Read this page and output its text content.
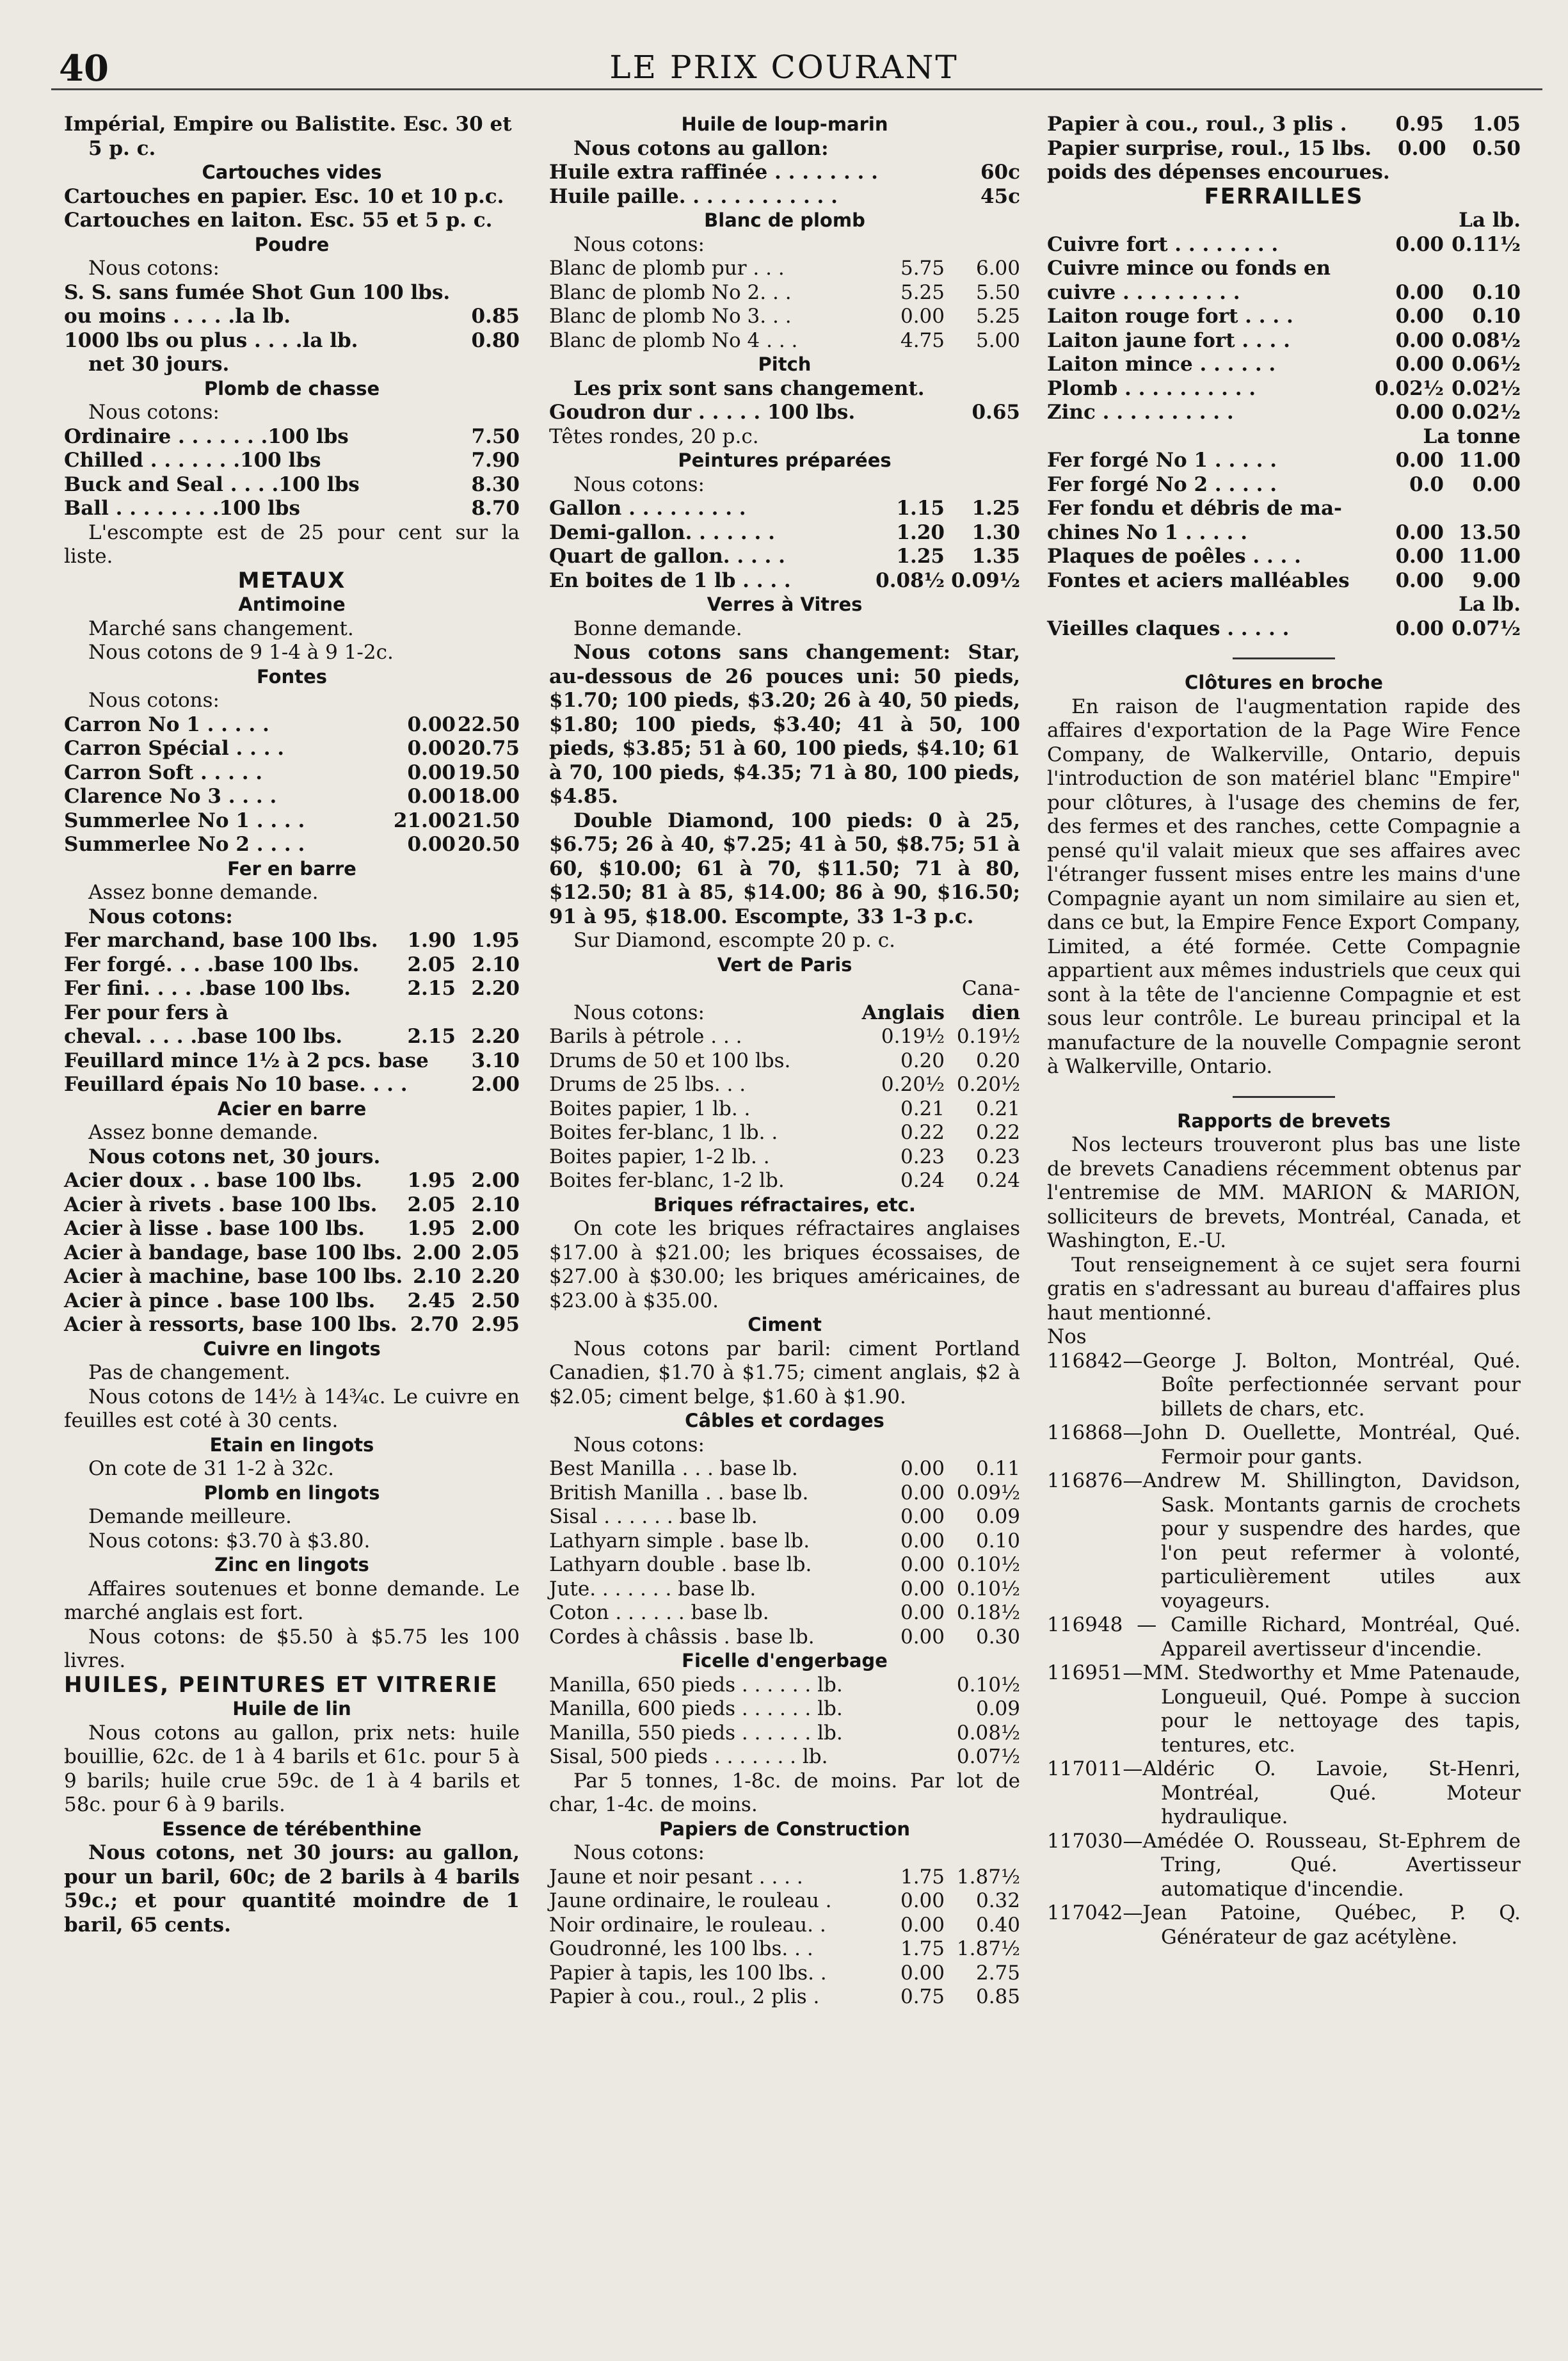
40	LE PRIX COURANT

Impérial, Empire ou Balistite. Esc. 30 et 5 p. c.

Cartouches vides

Cartouches en papier. Esc. 10 et 10 p.c.

Cartouches en laiton. Esc. 55 et 5 p. c.

Poudre

Nous cotons:

S. S. sans fumée Shot Gun 100 lbs.

ou moins . . . . .la lb.	0.85
1000 lbs ou plus . . . .la lb.	0.80

net 30 jours.

Plomb de chasse

Nous cotons:

Ordinaire . . . . . . .100 lbs	7.50
Chilled . . . . . . .100 lbs	7.90
Buck and Seal . . . .100 lbs	8.30
Ball . . . . . . . .100 lbs	8.70

L'escompte est de 25 pour cent sur la liste.

METAUX

Antimoine

Marché sans changement.

Nous cotons de 9 1-4 à 9 1-2c.

Fontes

Nous cotons:

Carron No 1 . . . . .	0.00 22.50
Carron Spécial . . . .	0.00 20.75
Carron Soft . . . . .	0.00 19.50
Clarence No 3 . . . .	0.00 18.00
Summerlee No 1 . . . .	21.00 21.50
Summerlee No 2 . . . .	0.00 20.50

Fer en barre

Assez bonne demande.

Nous cotons:

Fer marchand, base 100 lbs.	1.90 1.95
Fer forgé. . . .base 100 lbs.	2.05 2.10
Fer fini. . . . .base 100 lbs.	2.15 2.20

Fer pour fers à

cheval. . . . .base 100 lbs.	2.15 2.20
Feuillard mince 1½ à 2 pcs. base 3.10
Feuillard épais No 10 base. . . .	2.00

Acier en barre

Assez bonne demande.

Nous cotons net, 30 jours.

Acier doux . . base 100 lbs.	1.95 2.00
Acier à rivets . base 100 lbs.	2.05 2.10
Acier à lisse . base 100 lbs.	1.95 2.00
Acier à bandage, base 100 lbs. 2.00 2.05
Acier à machine, base 100 lbs. 2.10 2.20
Acier à pince . base 100 lbs.	2.45 2.50
Acier à ressorts, base 100 lbs. 2.70 2.95

Cuivre en lingots

Pas de changement.

Nous cotons de 14½ à 14¾c. Le cuivre en feuilles est coté à 30 cents.

Etain en lingots

On cote de 31 1-2 à 32c.

Plomb en lingots

Demande meilleure.

Nous cotons: $3.70 à $3.80.

Zinc en lingots

Affaires soutenues et bonne demande. Le marché anglais est fort.

Nous cotons: de $5.50 à $5.75 les 100 livres.

HUILES, PEINTURES ET VITRERIE

Huile de lin

Nous cotons au gallon, prix nets: huile bouillie, 62c. de 1 à 4 barils et 61c. pour 5 à 9 barils; huile crue 59c. de 1 à 4 barils et 58c. pour 6 à 9 barils.

Essence de térébenthine

Nous cotons, net 30 jours: au gallon, pour un baril, 60c; de 2 barils à 4 barils 59c.; et pour quantité moindre de 1 baril, 65 cents.

Huile de loup-marin

Nous cotons au gallon:

Huile extra raffinée . . . . . . . .	60c
Huile paille. . . . . . . . . . . .	45c

Blanc de plomb

Nous cotons:

Blanc de plomb pur . . .	5.75	6.00
Blanc de plomb No 2. . .	5.25	5.50
Blanc de plomb No 3. . .	0.00	5.25
Blanc de plomb No 4 . . .	4.75	5.00

Pitch

Les prix sont sans changement.

Goudron dur . . . . . 100 lbs.	0.65

Têtes rondes, 20 p.c.

Peintures préparées

Nous cotons:

Gallon . . . . . . . . .	1.15	1.25
Demi-gallon. . . . . . .	1.20	1.30
Quart de gallon. . . . .	1.25	1.35
En boites de 1 lb . . . .	0.08½ 0.09½

Verres à Vitres

Bonne demande.

Nous cotons sans changement: Star, au-dessous de 26 pouces uni: 50 pieds, $1.70; 100 pieds, $3.20; 26 à 40, 50 pieds, $1.80; 100 pieds, $3.40; 41 à 50, 100 pieds, $3.85; 51 à 60, 100 pieds, $4.10; 61 à 70, 100 pieds, $4.35; 71 à 80, 100 pieds, $4.85.

Double Diamond, 100 pieds: 0 à 25, $6.75; 26 à 40, $7.25; 41 à 50, $8.75; 51 à 60, $10.00; 61 à 70, $11.50; 71 à 80, $12.50; 81 à 85, $14.00; 86 à 90, $16.50; 91 à 95, $18.00. Escompte, 33 1-3 p.c.

Sur Diamond, escompte 20 p. c.

Vert de Paris

Cana-
Nous cotons:	Anglais	dien
Barils à pétrole . . .	0.19½ 0.19½
Drums de 50 et 100 lbs.	0.20	0.20
Drums de 25 lbs. . .	0.20½ 0.20½
Boites papier, 1 lb. .	0.21	0.21
Boites fer-blanc, 1 lb. .	0.22	0.22
Boites papier, 1-2 lb. .	0.23	0.23
Boites fer-blanc, 1-2 lb.	0.24	0.24

Briques réfractaires, etc.

On cote les briques réfractaires anglaises $17.00 à $21.00; les briques écossaises, de $27.00 à $30.00; les briques américaines, de $23.00 à $35.00.

Ciment

Nous cotons par baril: ciment Portland Canadien, $1.70 à $1.75; ciment anglais, $2 à $2.05; ciment belge, $1.60 à $1.90.

Câbles et cordages

Nous cotons:

Best Manilla . . . base lb.	0.00	0.11
British Manilla . . base lb.	0.00 0.09½
Sisal . . . . . . base lb.	0.00	0.09
Lathyarn simple . base lb.	0.00	0.10
Lathyarn double . base lb.	0.00 0.10½
Jute. . . . . . . base lb.	0.00 0.10½
Coton . . . . . . base lb.	0.00 0.18½
Cordes à châssis . base lb.	0.00	0.30

Ficelle d'engerbage

Manilla, 650 pieds . . . . . . lb.	0.10½
Manilla, 600 pieds . . . . . . lb.	0.09
Manilla, 550 pieds . . . . . . lb.	0.08½
Sisal, 500 pieds . . . . . . . lb.	0.07½

Par 5 tonnes, 1-8c. de moins. Par lot de char, 1-4c. de moins.

Papiers de Construction

Nous cotons:

Jaune et noir pesant . . . .	1.75 1.87½
Jaune ordinaire, le rouleau .	0.00	0.32
Noir ordinaire, le rouleau. .	0.00	0.40
Goudronné, les 100 lbs. . .	1.75 1.87½
Papier à tapis, les 100 lbs. .	0.00	2.75
Papier à cou., roul., 2 plis .	0.75	0.85
Papier à cou., roul., 3 plis .	0.95	1.05
Papier surprise, roul., 15 lbs.	0.00	0.50

poids des dépenses encourues.

FERRAILLES

La lb.
Cuivre fort . . . . . . . .	0.00 0.11½
Cuivre mince ou fonds en
cuivre . . . . . . . . .	0.00	0.10
Laiton rouge fort . . . .	0.00	0.10
Laiton jaune fort . . . .	0.00 0.08½
Laiton mince . . . . . .	0.00 0.06½
Plomb . . . . . . . . . .	0.02½ 0.02½
Zinc . . . . . . . . . .	0.00 0.02½
La tonne
Fer forgé No 1 . . . . .	0.00 11.00
Fer forgé No 2 . . . . .	0.0	0.00
Fer fondu et débris de ma-
chines No 1 . . . . .	0.00 13.50
Plaques de poêles . . . .	0.00 11.00
Fontes et aciers malléables	0.00	9.00
La lb.
Vieilles claques . . . . .	0.00 0.07½

Clôtures en broche

En raison de l'augmentation rapide des affaires d'exportation de la Page Wire Fence Company, de Walkerville, Ontario, depuis l'introduction de son matériel blanc "Empire" pour clôtures, à l'usage des chemins de fer, des fermes et des ranches, cette Compagnie a pensé qu'il valait mieux que ses affaires avec l'étranger fussent mises entre les mains d'une Compagnie ayant un nom similaire au sien et, dans ce but, la Empire Fence Export Company, Limited, a été formée. Cette Compagnie appartient aux mêmes industriels que ceux qui sont à la tête de l'ancienne Compagnie et est sous leur contrôle. Le bureau principal et la manufacture de la nouvelle Compagnie seront à Walkerville, Ontario.

Rapports de brevets

Nos lecteurs trouveront plus bas une liste de brevets Canadiens récemment obtenus par l'entremise de MM. MARION & MARION, solliciteurs de brevets, Montréal, Canada, et Washington, E.-U.

Tout renseignement à ce sujet sera fourni gratis en s'adressant au bureau d'affaires plus haut mentionné.

Nos

116842—George J. Bolton, Montréal, Qué. Boîte perfectionnée servant pour billets de chars, etc.

116868—John D. Ouellette, Montréal, Qué. Fermoir pour gants.

116876—Andrew M. Shillington, Davidson, Sask. Montants garnis de crochets pour y suspendre des hardes, que l'on peut refermer à volonté, particulièrement utiles aux voyageurs.

116948 — Camille Richard, Montréal, Qué. Appareil avertisseur d'incendie.

116951—MM. Stedworthy et Mme Patenaude, Longueuil, Qué. Pompe à succion pour le nettoyage des tapis, tentures, etc.

117011—Aldéric O. Lavoie, St-Henri, Montréal, Qué. Moteur hydraulique.

117030—Amédée O. Rousseau, St-Ephrem de Tring, Qué. Avertisseur automatique d'incendie.

117042—Jean Patoine, Québec, P. Q. Générateur de gaz acétylène.
